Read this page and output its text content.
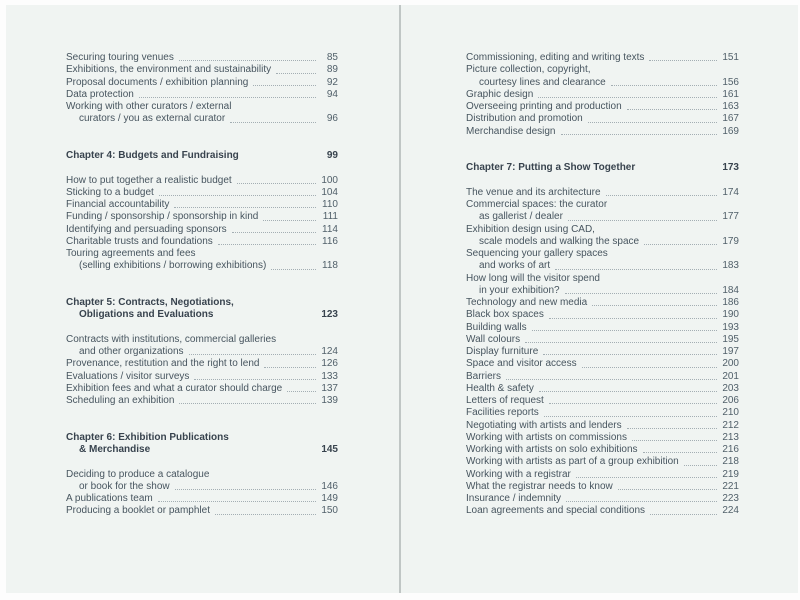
Securing touring venues	85
Exhibitions, the environment and sustainability	89
Proposal documents / exhibition planning	92
Data protection	94
Working with other curators / external
curators / you as external curator	96
Chapter 4: Budgets and Fundraising	99
How to put together a realistic budget	100
Sticking to a budget	104
Financial accountability	110
Funding / sponsorship / sponsorship in kind	111
Identifying and persuading sponsors	114
Charitable trusts and foundations	116
Touring agreements and fees
(selling exhibitions / borrowing exhibitions)	118
Chapter 5: Contracts, Negotiations,
Obligations and Evaluations	123
Contracts with institutions, commercial galleries
and other organizations	124
Provenance, restitution and the right to lend	126
Evaluations / visitor surveys	133
Exhibition fees and what a curator should charge	137
Scheduling an exhibition	139
Chapter 6: Exhibition Publications
& Merchandise	145
Deciding to produce a catalogue
or book for the show	146
A publications team	149
Producing a booklet or pamphlet	150
Commissioning, editing and writing texts	151
Picture collection, copyright,
courtesy lines and clearance	156
Graphic design	161
Overseeing printing and production	163
Distribution and promotion	167
Merchandise design	169
Chapter 7: Putting a Show Together	173
The venue and its architecture	174
Commercial spaces: the curator
as gallerist / dealer	177
Exhibition design using CAD,
scale models and walking the space	179
Sequencing your gallery spaces
and works of art	183
How long will the visitor spend
in your exhibition?	184
Technology and new media	186
Black box spaces	190
Building walls	193
Wall colours	195
Display furniture	197
Space and visitor access	200
Barriers	201
Health & safety	203
Letters of request	206
Facilities reports	210
Negotiating with artists and lenders	212
Working with artists on commissions	213
Working with artists on solo exhibitions	216
Working with artists as part of a group exhibition	218
Working with a registrar	219
What the registrar needs to know	221
Insurance / indemnity	223
Loan agreements and special conditions	224
